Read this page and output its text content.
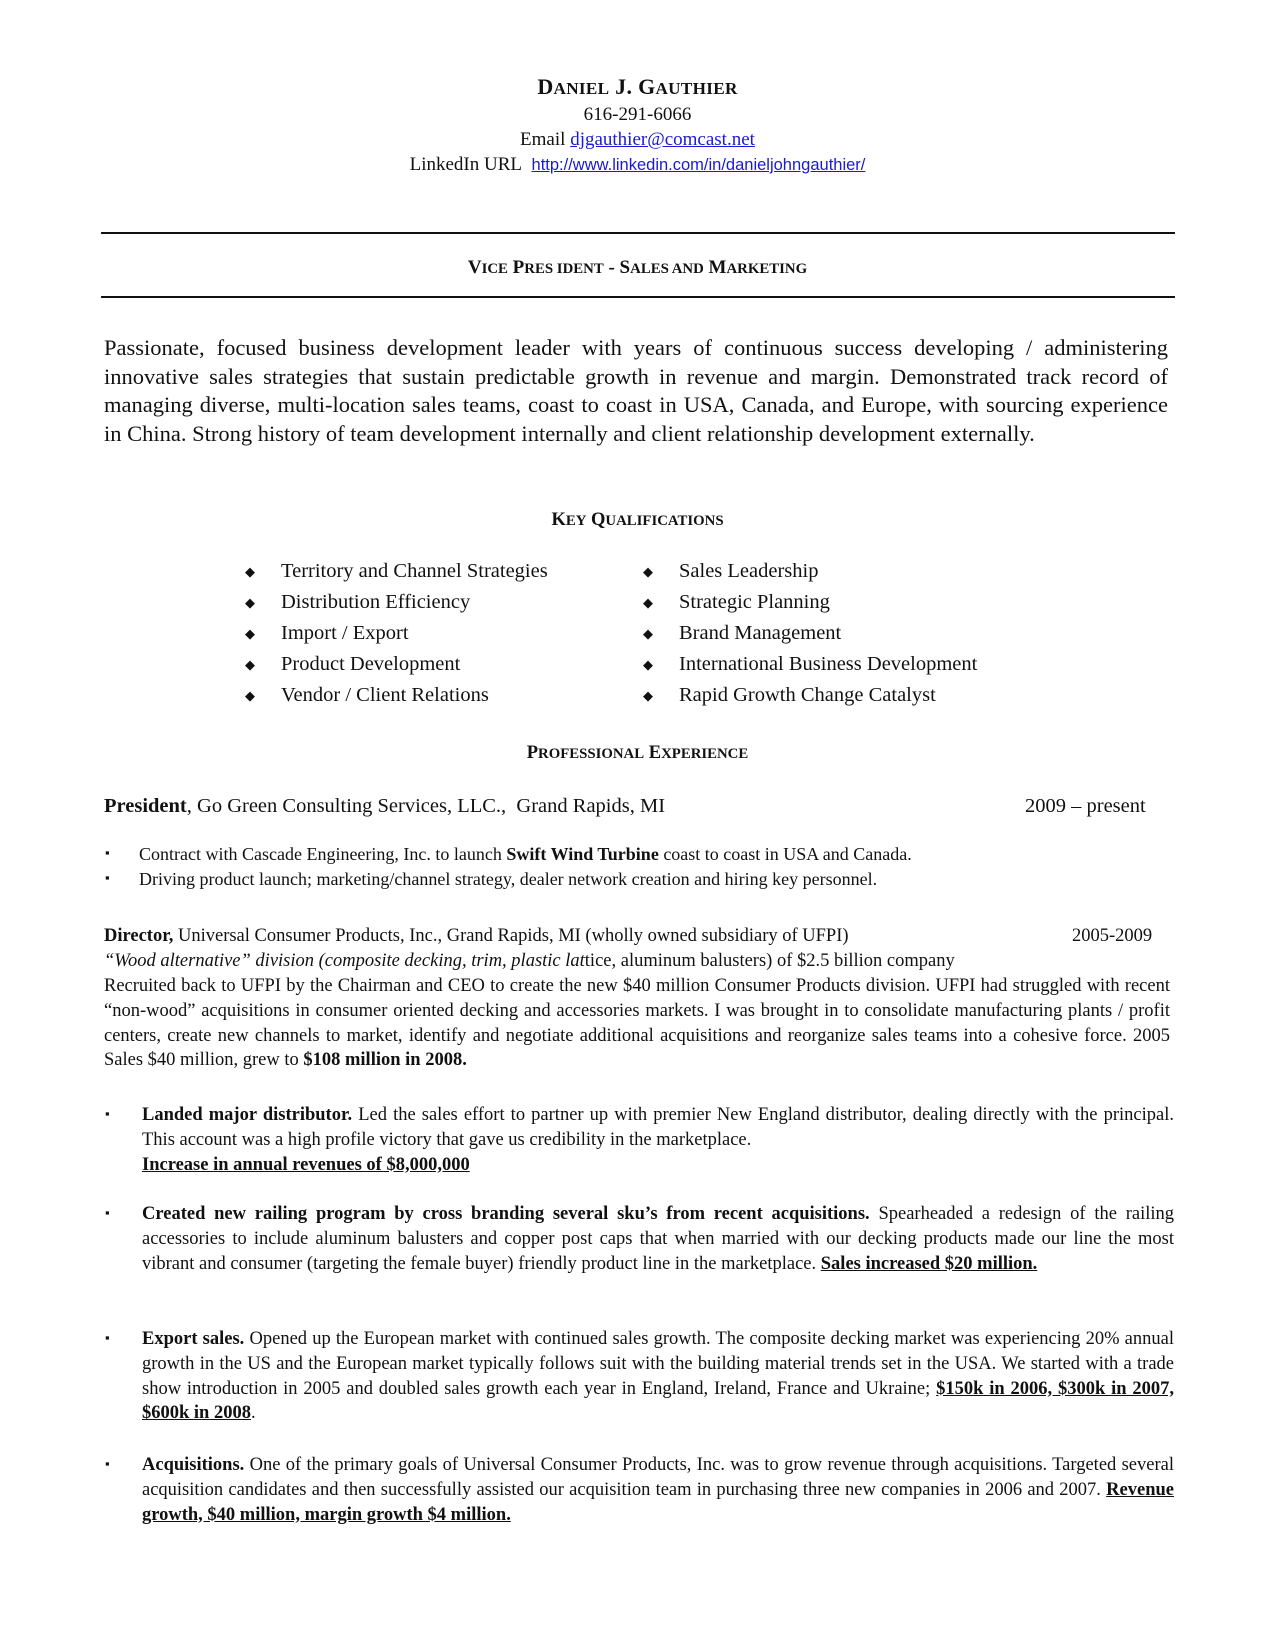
DANIEL J. GAUTHIER
616-291-6066
Email djgauthier@comcast.net
LinkedIn URL http://www.linkedin.com/in/danieljohngauthier/
VICE PRES IDENT - SALES AND MARKETING
Passionate, focused business development leader with years of continuous success developing / administering innovative sales strategies that sustain predictable growth in revenue and margin. Demonstrated track record of managing diverse, multi-location sales teams, coast to coast in USA, Canada, and Europe, with sourcing experience in China. Strong history of team development internally and client relationship development externally.
KEY QUALIFICATIONS
◆ Territory and Channel Strategies
◆ Distribution Efficiency
◆ Import / Export
◆ Product Development
◆ Vendor / Client Relations
◆ Sales Leadership
◆ Strategic Planning
◆ Brand Management
◆ International Business Development
◆ Rapid Growth Change Catalyst
PROFESSIONAL EXPERIENCE
President, Go Green Consulting Services, LLC.,  Grand Rapids, MI	2009 – present
▪ Contract with Cascade Engineering, Inc. to launch Swift Wind Turbine coast to coast in USA and Canada.
▪ Driving product launch; marketing/channel strategy, dealer network creation and hiring key personnel.
Director, Universal Consumer Products, Inc., Grand Rapids, MI (wholly owned subsidiary of UFPI)	2005-2009
“Wood alternative” division (composite decking, trim, plastic lattice, aluminum balusters) of $2.5 billion company
Recruited back to UFPI by the Chairman and CEO to create the new $40 million Consumer Products division. UFPI had struggled with recent “non-wood” acquisitions in consumer oriented decking and accessories markets. I was brought in to consolidate manufacturing plants / profit centers, create new channels to market, identify and negotiate additional acquisitions and reorganize sales teams into a cohesive force. 2005 Sales $40 million, grew to $108 million in 2008.
▪ Landed major distributor. Led the sales effort to partner up with premier New England distributor, dealing directly with the principal. This account was a high profile victory that gave us credibility in the marketplace.
Increase in annual revenues of $8,000,000
▪ Created new railing program by cross branding several sku’s from recent acquisitions. Spearheaded a redesign of the railing accessories to include aluminum balusters and copper post caps that when married with our decking products made our line the most vibrant and consumer (targeting the female buyer) friendly product line in the marketplace. Sales increased $20 million.
▪ Export sales. Opened up the European market with continued sales growth. The composite decking market was experiencing 20% annual growth in the US and the European market typically follows suit with the building material trends set in the USA. We started with a trade show introduction in 2005 and doubled sales growth each year in England, Ireland, France and Ukraine; $150k in 2006, $300k in 2007, $600k in 2008.
▪ Acquisitions. One of the primary goals of Universal Consumer Products, Inc. was to grow revenue through acquisitions. Targeted several acquisition candidates and then successfully assisted our acquisition team in purchasing three new companies in 2006 and 2007. Revenue growth, $40 million, margin growth $4 million.
